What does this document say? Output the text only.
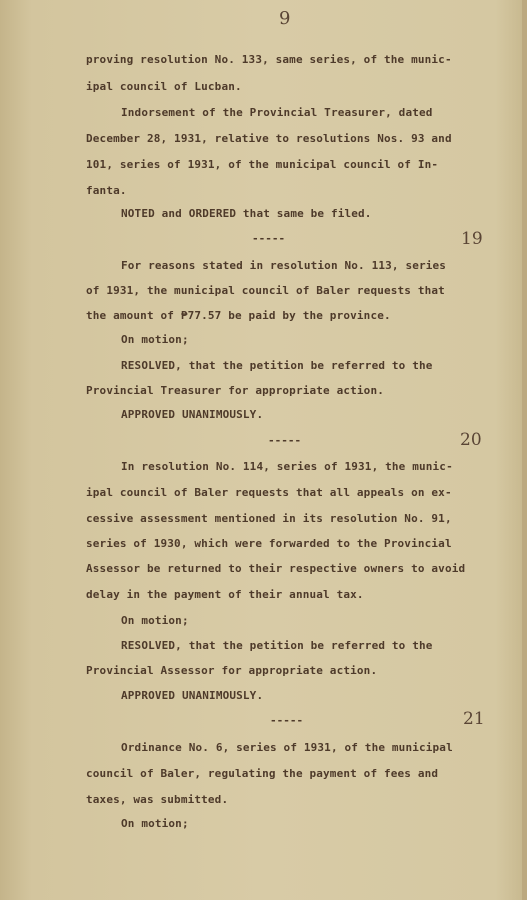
9
proving resolution No. 133, same series, of the munic-
ipal council of Lucban.
Indorsement of the Provincial Treasurer, dated
December 28, 1931, relative to resolutions Nos. 93 and
101, series of 1931, of the municipal council of In-
fanta.
NOTED and ORDERED that same be filed.
-----	19
For reasons stated in resolution No. 113, series
of 1931, the municipal council of Baler requests that
the amount of ₱77.57 be paid by the province.
On motion;
RESOLVED, that the petition be referred to the
Provincial Treasurer for appropriate action.
APPROVED UNANIMOUSLY.
-----	20
In resolution No. 114, series of 1931, the munic-
ipal council of Baler requests that all appeals on ex-
cessive assessment mentioned in its resolution No. 91,
series of 1930, which were forwarded to the Provincial
Assessor be returned to their respective owners to avoid
delay in the payment of their annual tax.
On motion;
RESOLVED, that the petition be referred to the
Provincial Assessor for appropriate action.
APPROVED UNANIMOUSLY.
-----	21
Ordinance No. 6, series of 1931, of the municipal
council of Baler, regulating the payment of fees and
taxes, was submitted.
On motion;
